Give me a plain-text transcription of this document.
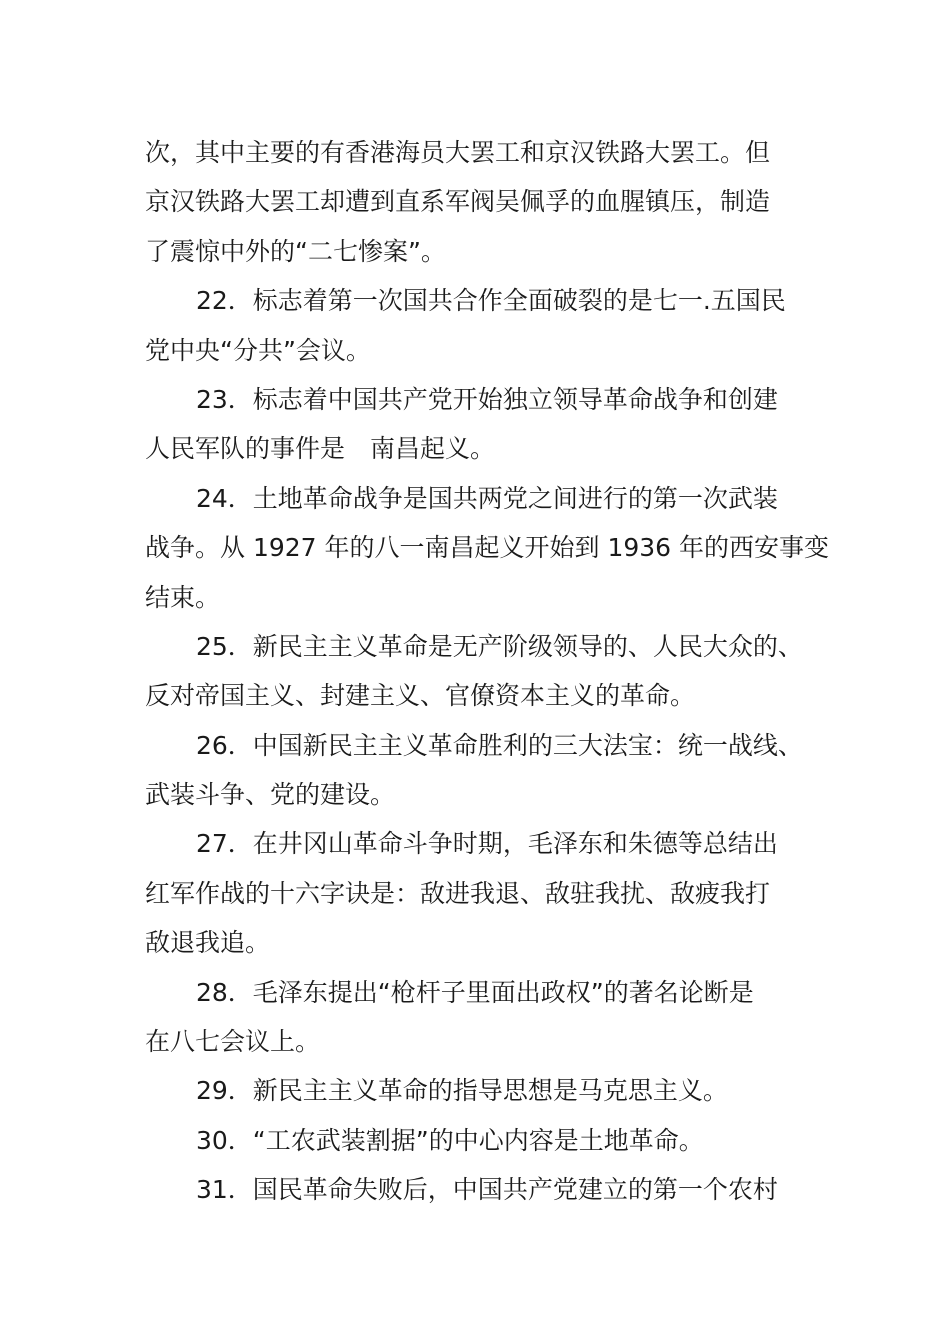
次，其中主要的有香港海员大罢工和京汉铁路大罢工。但
京汉铁路大罢工却遭到直系军阀吴佩孚的血腥镇压，制造
了震惊中外的“二七惨案”。
22．标志着第一次国共合作全面破裂的是七一.五国民
党中央“分共”会议。
23．标志着中国共产党开始独立领导革命战争和创建
人民军队的事件是　南昌起义。
24．土地革命战争是国共两党之间进行的第一次武装
战争。从 1927 年的八一南昌起义开始到 1936 年的西安事变
结束。
25．新民主主义革命是无产阶级领导的、人民大众的、
反对帝国主义、封建主义、官僚资本主义的革命。
26．中国新民主主义革命胜利的三大法宝：统一战线、
武装斗争、党的建设。
27．在井冈山革命斗争时期，毛泽东和朱德等总结出
红军作战的十六字诀是：敌进我退、敌驻我扰、敌疲我打
敌退我追。
28．毛泽东提出“枪杆子里面出政权”的著名论断是
在八七会议上。
29．新民主主义革命的指导思想是马克思主义。
30．“工农武装割据”的中心内容是土地革命。
31．国民革命失败后，中国共产党建立的第一个农村
